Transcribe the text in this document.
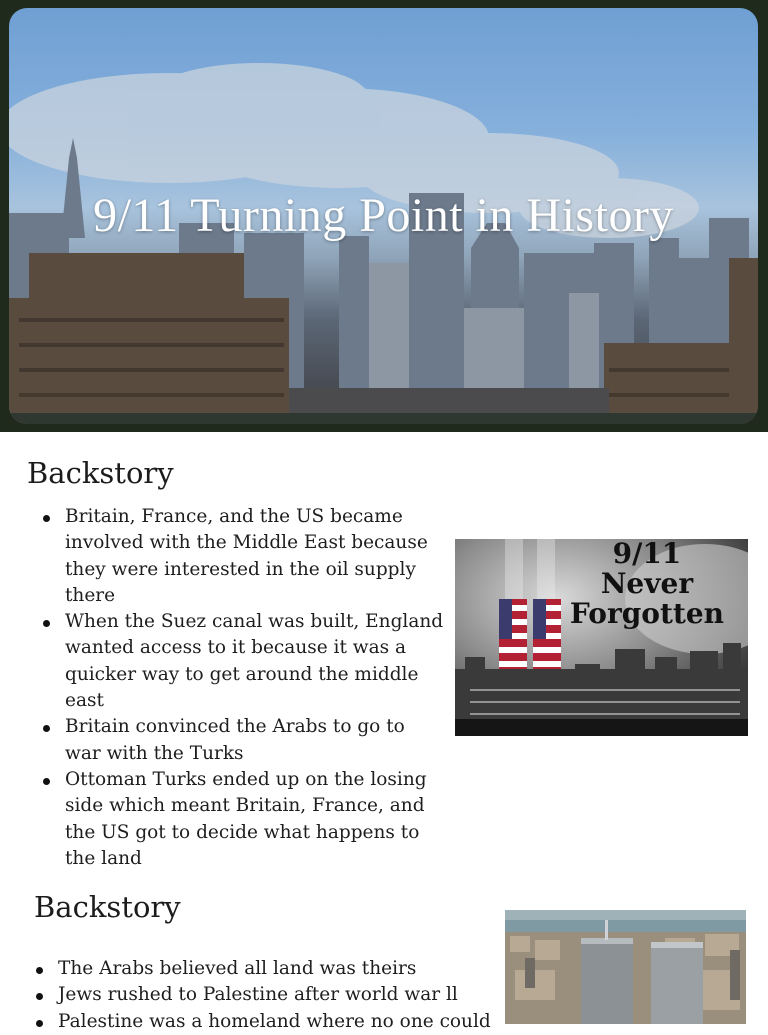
9/11 Turning Point in History
Backstory
Britain, France, and the US became involved with the Middle East because they were interested in the oil supply there
When the Suez canal was built, England wanted access to it because it was a quicker way to get around the middle east
Britain convinced the Arabs to go to war with the Turks
Ottoman Turks ended up on the losing side which meant Britain, France, and the US got to decide what happens to the land
9/11
Never
Forgotten
Backstory
The Arabs believed all land was theirs
Jews rushed to Palestine after world war ll
Palestine was a homeland where no one could
